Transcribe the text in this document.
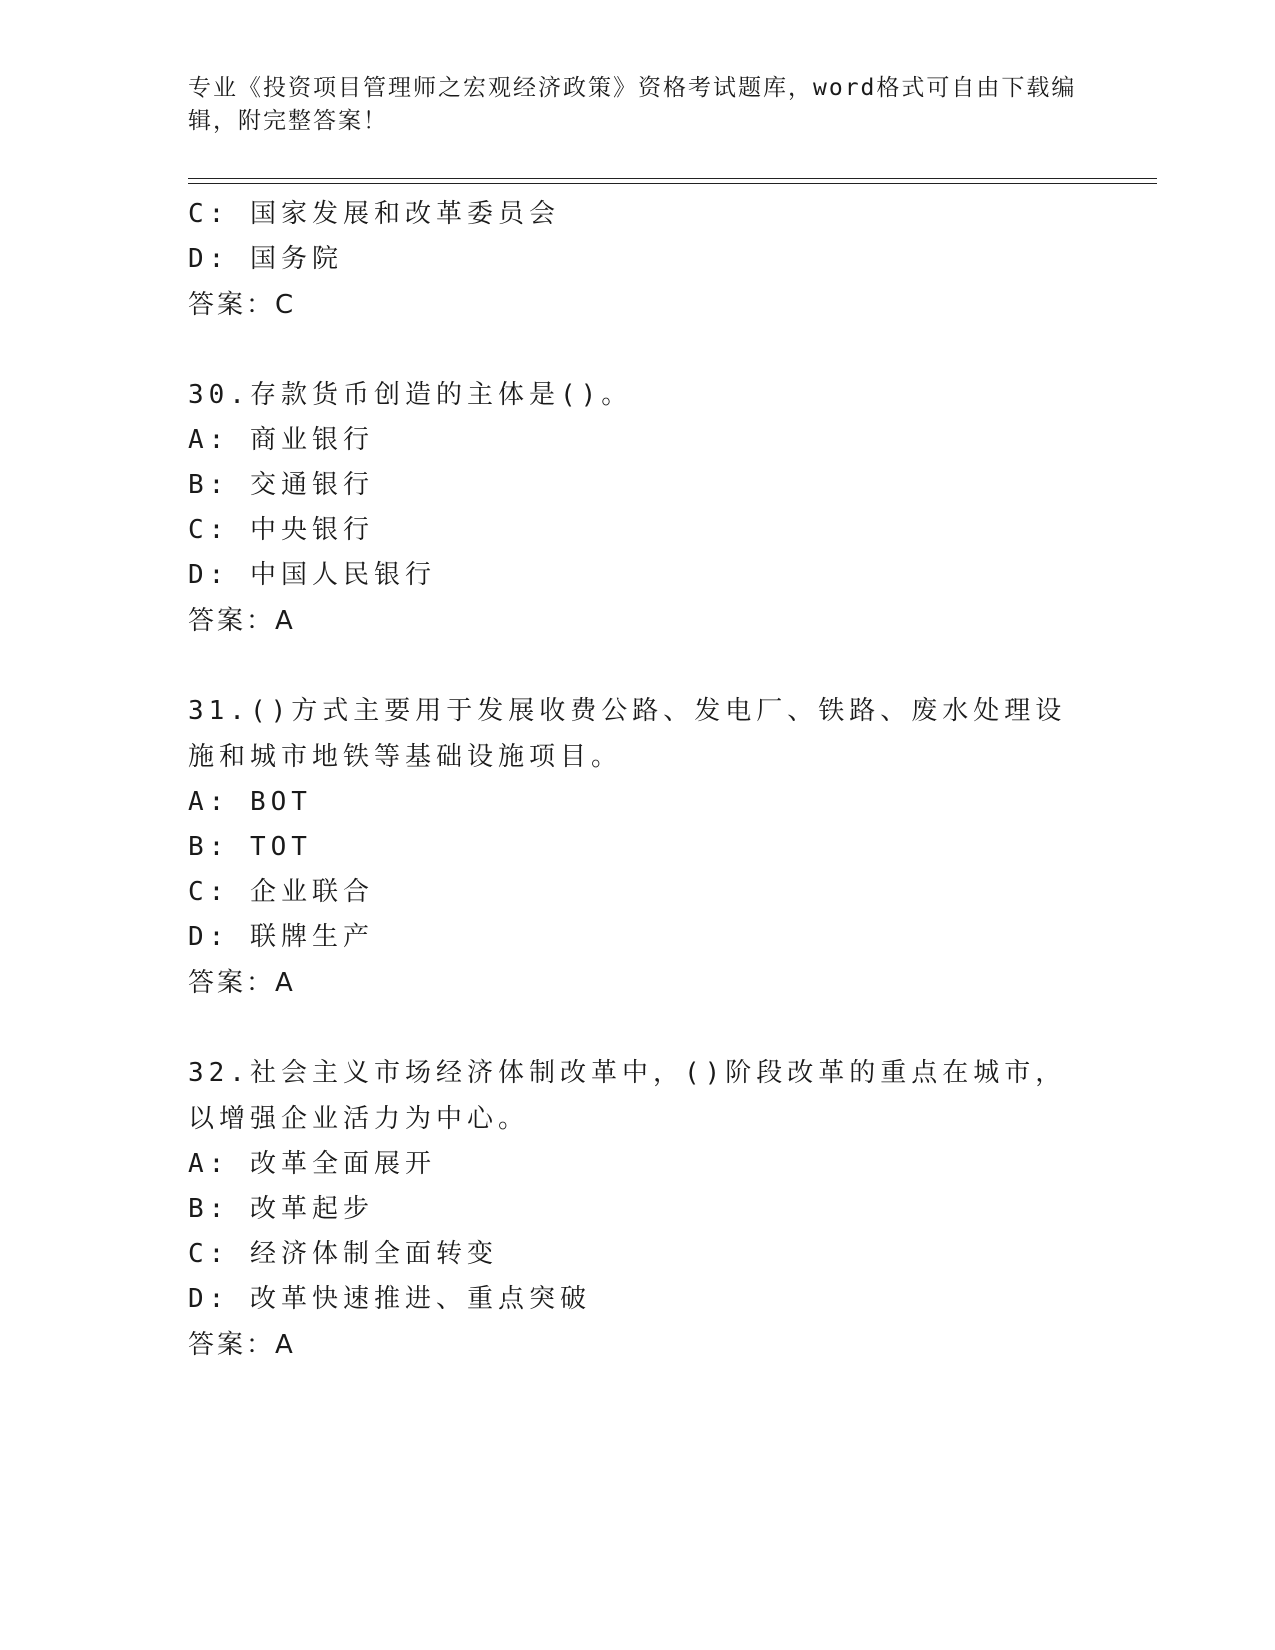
专业《投资项目管理师之宏观经济政策》资格考试题库，word格式可自由下载编辑，附完整答案！
C: 国家发展和改革委员会
D: 国务院
答案：C
30.存款货币创造的主体是()。
A: 商业银行
B: 交通银行
C: 中央银行
D: 中国人民银行
答案：A
31.()方式主要用于发展收费公路、发电厂、铁路、废水处理设施和城市地铁等基础设施项目。
A: BOT
B: TOT
C: 企业联合
D: 联牌生产
答案：A
32.社会主义市场经济体制改革中，()阶段改革的重点在城市，以增强企业活力为中心。
A: 改革全面展开
B: 改革起步
C: 经济体制全面转变
D: 改革快速推进、重点突破
答案：A
